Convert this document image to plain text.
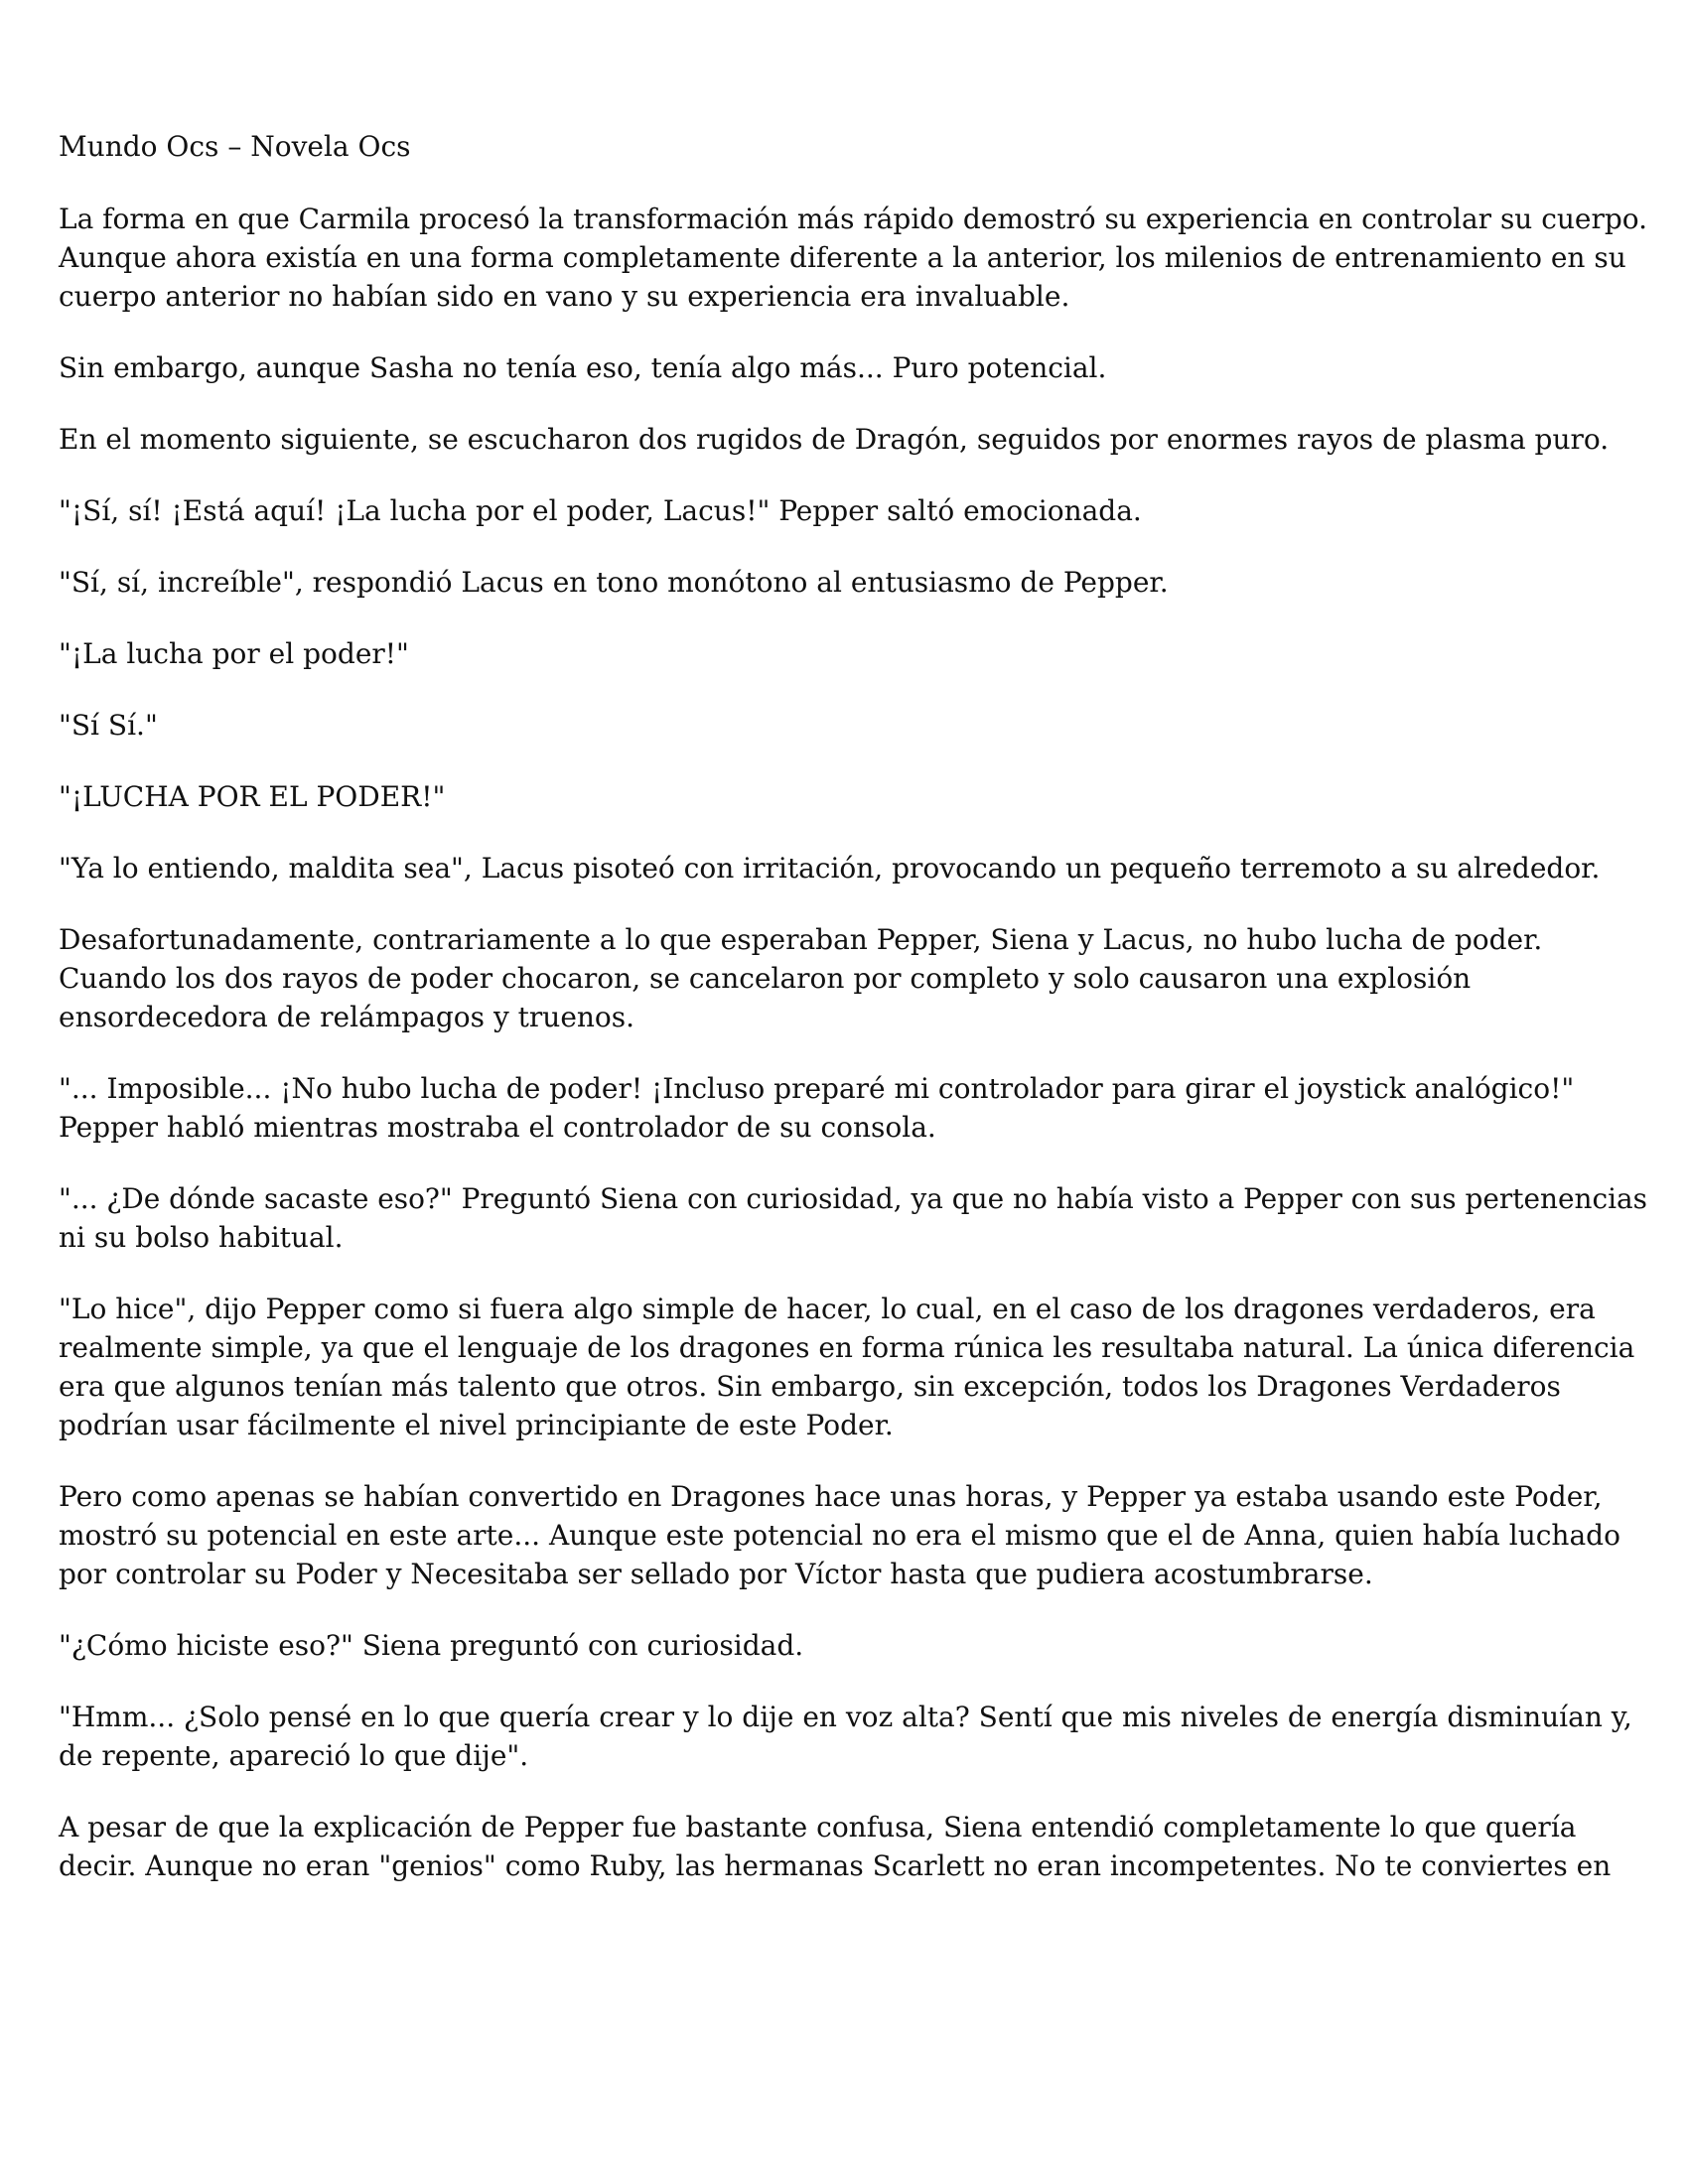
Mundo Ocs – Novela Ocs
La forma en que Carmila procesó la transformación más rápido demostró su experiencia en controlar su cuerpo.
Aunque ahora existía en una forma completamente diferente a la anterior, los milenios de entrenamiento en su
cuerpo anterior no habían sido en vano y su experiencia era invaluable.
Sin embargo, aunque Sasha no tenía eso, tenía algo más... Puro potencial.
En el momento siguiente, se escucharon dos rugidos de Dragón, seguidos por enormes rayos de plasma puro.
"¡Sí, sí! ¡Está aquí! ¡La lucha por el poder, Lacus!" Pepper saltó emocionada.
"Sí, sí, increíble", respondió Lacus en tono monótono al entusiasmo de Pepper.
"¡La lucha por el poder!"
"Sí Sí."
"¡LUCHA POR EL PODER!"
"Ya lo entiendo, maldita sea", Lacus pisoteó con irritación, provocando un pequeño terremoto a su alrededor.
Desafortunadamente, contrariamente a lo que esperaban Pepper, Siena y Lacus, no hubo lucha de poder.
Cuando los dos rayos de poder chocaron, se cancelaron por completo y solo causaron una explosión
ensordecedora de relámpagos y truenos.
"... Imposible... ¡No hubo lucha de poder! ¡Incluso preparé mi controlador para girar el joystick analógico!"
Pepper habló mientras mostraba el controlador de su consola.
"... ¿De dónde sacaste eso?" Preguntó Siena con curiosidad, ya que no había visto a Pepper con sus pertenencias
ni su bolso habitual.
"Lo hice", dijo Pepper como si fuera algo simple de hacer, lo cual, en el caso de los dragones verdaderos, era
realmente simple, ya que el lenguaje de los dragones en forma rúnica les resultaba natural. La única diferencia
era que algunos tenían más talento que otros. Sin embargo, sin excepción, todos los Dragones Verdaderos
podrían usar fácilmente el nivel principiante de este Poder.
Pero como apenas se habían convertido en Dragones hace unas horas, y Pepper ya estaba usando este Poder,
mostró su potencial en este arte... Aunque este potencial no era el mismo que el de Anna, quien había luchado
por controlar su Poder y Necesitaba ser sellado por Víctor hasta que pudiera acostumbrarse.
"¿Cómo hiciste eso?" Siena preguntó con curiosidad.
"Hmm... ¿Solo pensé en lo que quería crear y lo dije en voz alta? Sentí que mis niveles de energía disminuían y,
de repente, apareció lo que dije".
A pesar de que la explicación de Pepper fue bastante confusa, Siena entendió completamente lo que quería
decir. Aunque no eran "genios" como Ruby, las hermanas Scarlett no eran incompetentes. No te conviertes en
